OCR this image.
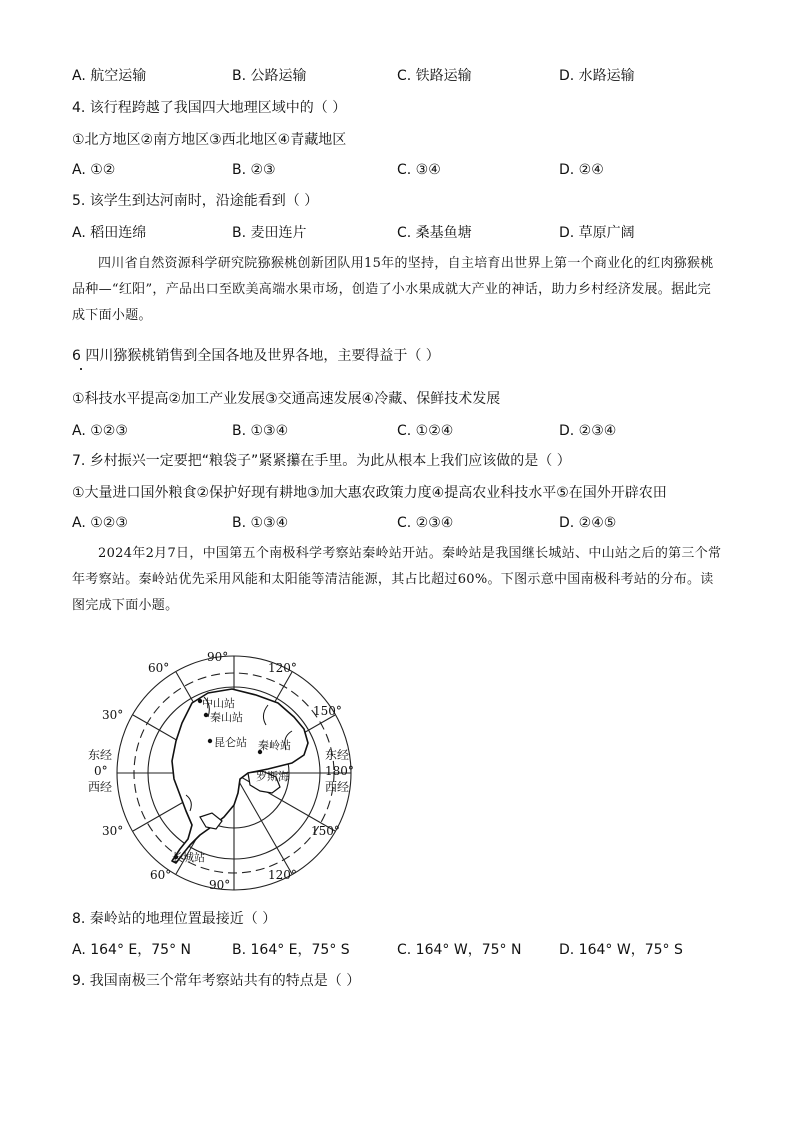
A. 航空运输	B. 公路运输	C. 铁路运输	D. 水路运输
4. 该行程跨越了我国四大地理区域中的（ ）
①北方地区②南方地区③西北地区④青藏地区
A. ①②	B. ②③	C. ③④	D. ②④
5. 该学生到达河南时，沿途能看到（ ）
A. 稻田连绵	B. 麦田连片	C. 桑基鱼塘	D. 草原广阔
四川省自然资源科学研究院猕猴桃创新团队用15年的坚持，自主培育出世界上第一个商业化的红肉猕猴桃品种—“红阳”，产品出口至欧美高端水果市场，创造了小水果成就大产业的神话，助力乡村经济发展。据此完成下面小题。
6 四川猕猴桃销售到全国各地及世界各地，主要得益于（ ）
①科技水平提高②加工产业发展③交通高速发展④冷藏、保鲜技术发展
A. ①②③	B. ①③④	C. ①②④	D. ②③④
7. 乡村振兴一定要把“粮袋子”紧紧攥在手里。为此从根本上我们应该做的是（ ）
①大量进口国外粮食②保护好现有耕地③加大惠农政策力度④提高农业科技水平⑤在国外开辟农田
A. ①②③	B. ①③④	C. ②③④	D. ②④⑤
2024年2月7日，中国第五个南极科学考察站秦岭站开站。秦岭站是我国继长城站、中山站之后的第三个常年考察站。秦岭站优先采用风能和太阳能等清洁能源，其占比超过60%。下图示意中国南极科考站的分布。读图完成下面小题。
60°
90°
120°
150°
30°
东经
0°
西经
东经
180°
西经
30°	150°
60°
90°
120°
中山站
秦山站
昆仑站 秦岭站
罗斯海
长城站
8. 秦岭站的地理位置最接近（ ）
A. 164° E，75° N	B. 164° E，75° S	C. 164° W，75° N	D. 164° W，75° S
9. 我国南极三个常年考察站共有的特点是（ ）
